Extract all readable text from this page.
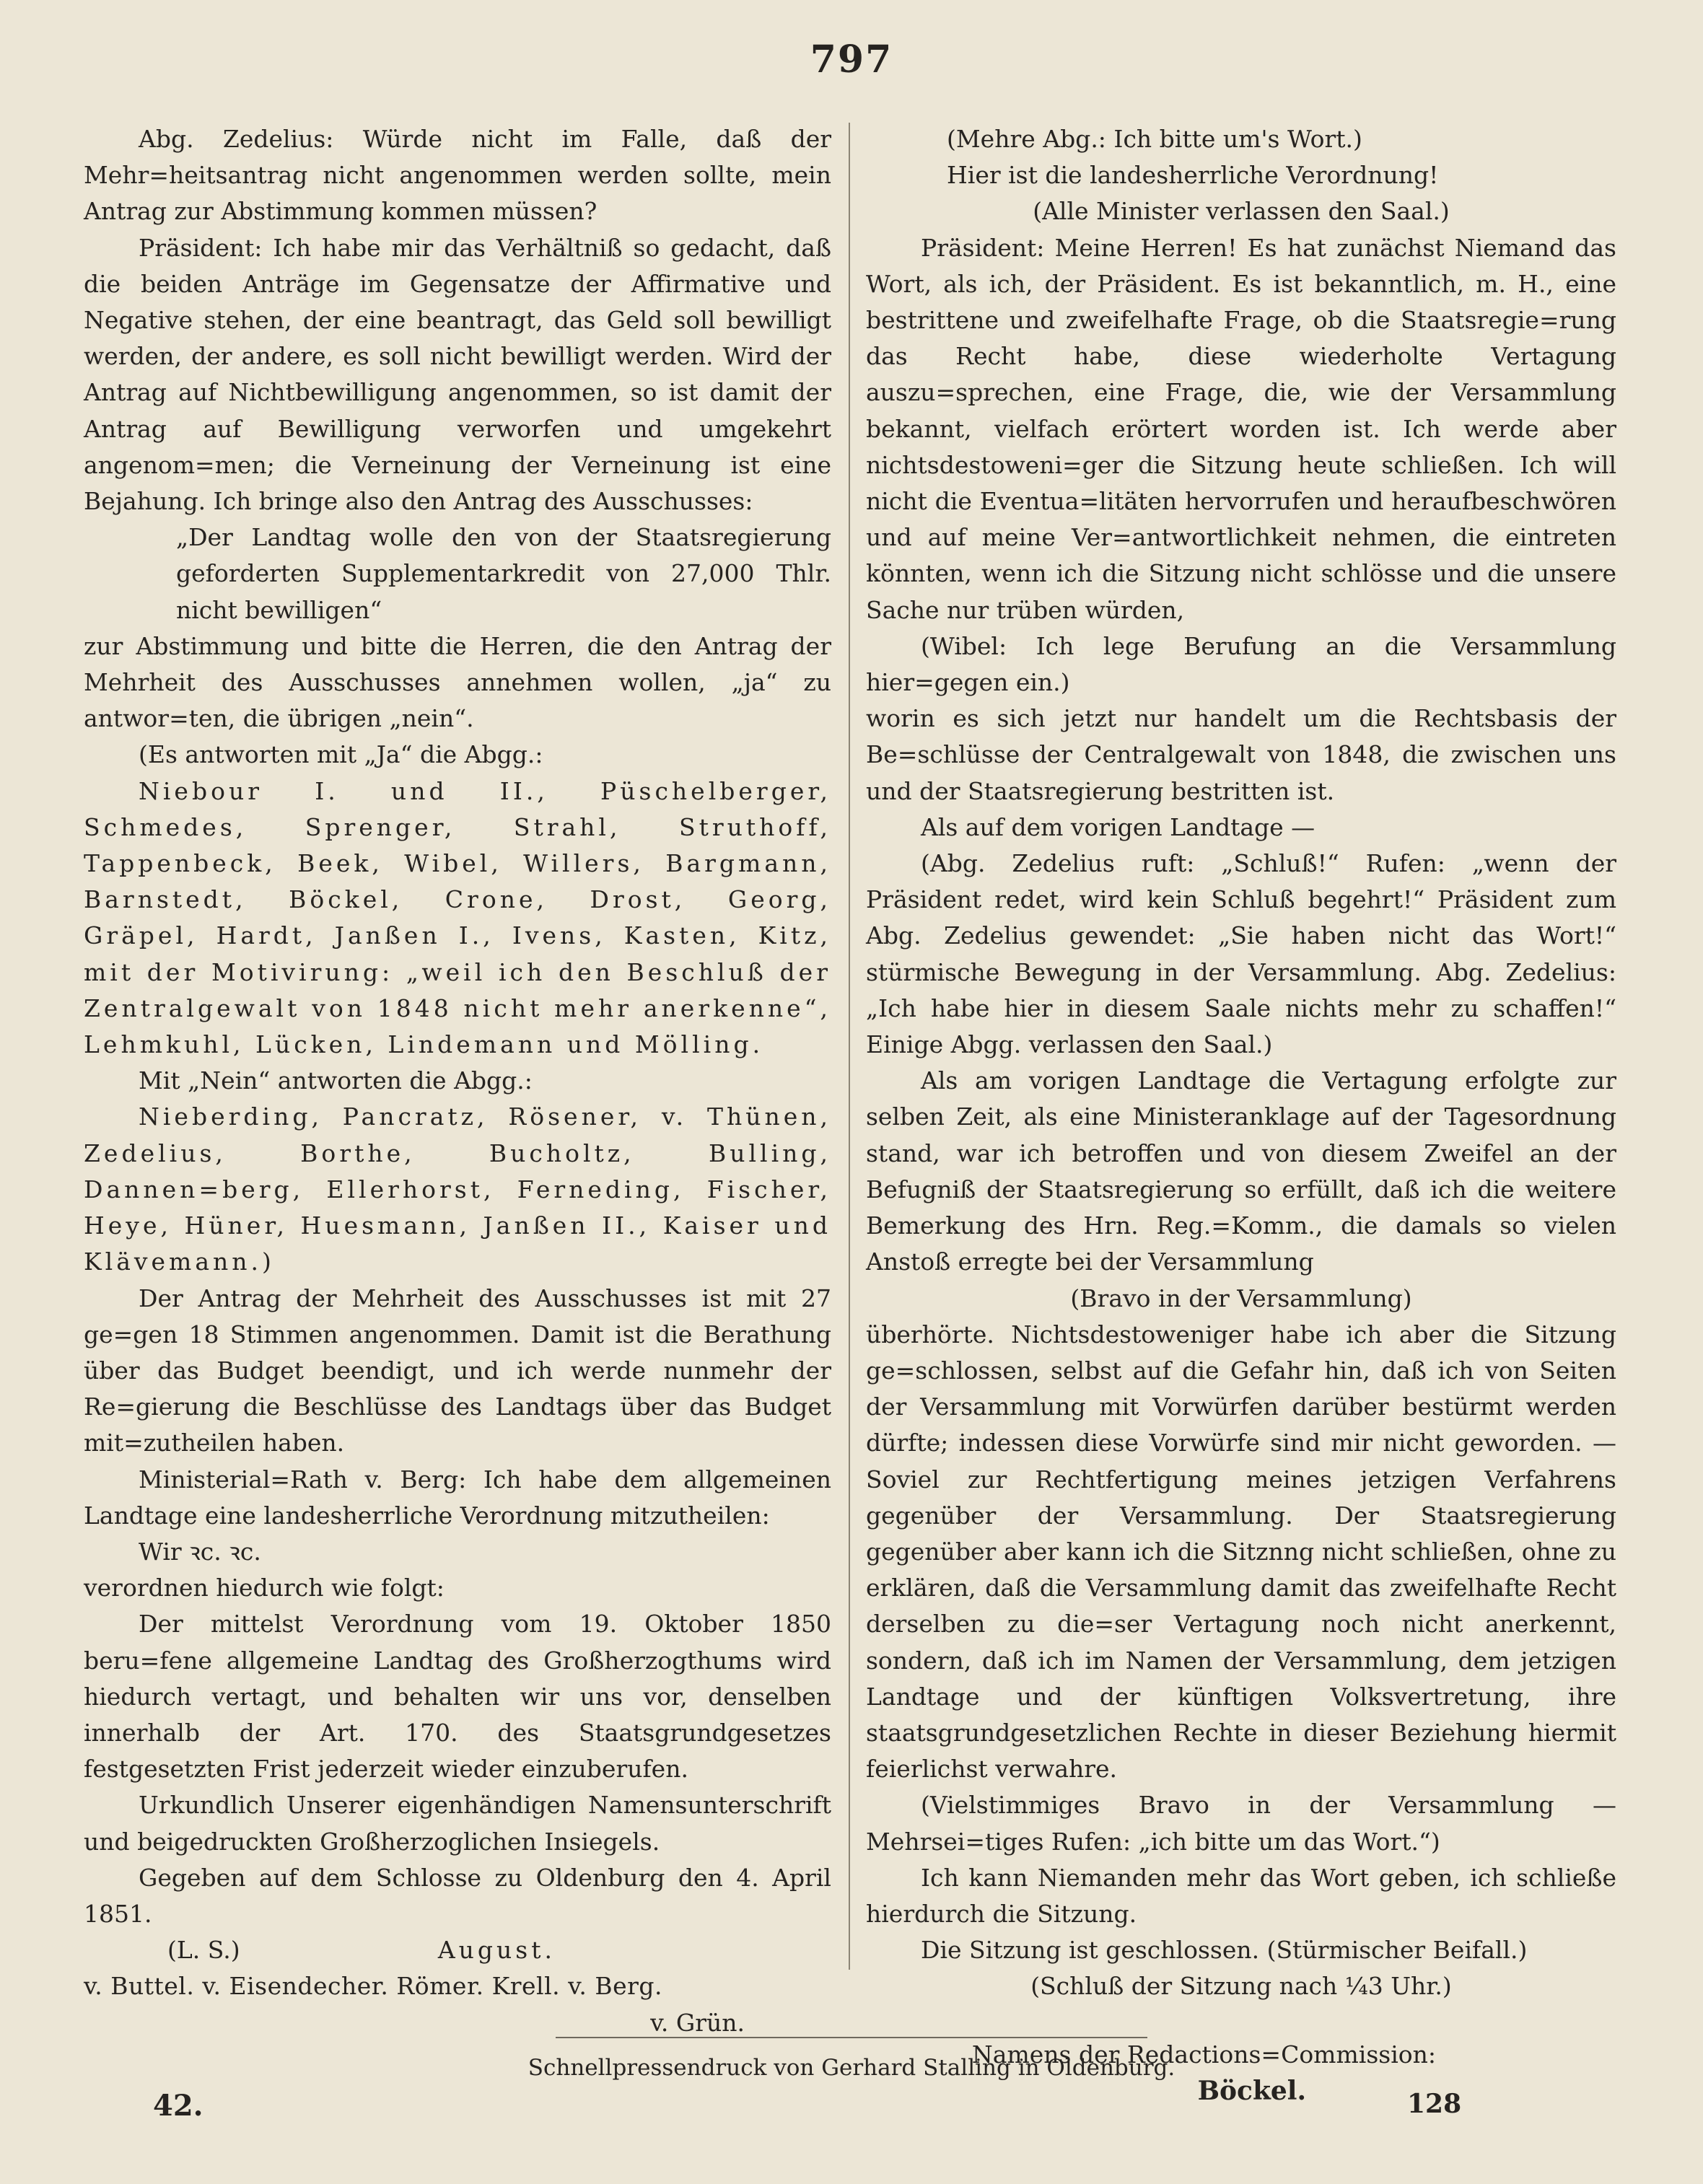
797

Abg. Zedelius: Würde nicht im Falle, daß der Mehr=heitsantrag nicht angenommen werden sollte, mein Antrag zur Abstimmung kommen müssen?

Präsident: Ich habe mir das Verhältniß so gedacht, daß die beiden Anträge im Gegensatze der Affirmative und Negative stehen, der eine beantragt, das Geld soll bewilligt werden, der andere, es soll nicht bewilligt werden. Wird der Antrag auf Nichtbewilligung angenommen, so ist damit der Antrag auf Bewilligung verworfen und umgekehrt angenom=men; die Verneinung der Verneinung ist eine Bejahung. Ich bringe also den Antrag des Ausschusses:

„Der Landtag wolle den von der Staatsregierung geforderten Supplementarkredit von 27,000 Thlr. nicht bewilligen“

zur Abstimmung und bitte die Herren, die den Antrag der Mehrheit des Ausschusses annehmen wollen, „ja“ zu antwor=ten, die übrigen „nein“.

(Es antworten mit „Ja“ die Abgg.:

Niebour I. und II., Püschelberger, Schmedes, Sprenger, Strahl, Struthoff, Tappenbeck, Beek, Wibel, Willers, Bargmann, Barnstedt, Böckel, Crone, Drost, Georg, Gräpel, Hardt, Janßen I., Ivens, Kasten, Kitz, mit der Motivirung: „weil ich den Beschluß der Zentralgewalt von 1848 nicht mehr anerkenne“, Lehmkuhl, Lücken, Lindemann und Mölling.

Mit „Nein“ antworten die Abgg.:

Nieberding, Pancratz, Rösener, v. Thünen, Zedelius, Borthe, Bucholtz, Bulling, Dannen=berg, Ellerhorst, Ferneding, Fischer, Heye, Hüner, Huesmann, Janßen II., Kaiser und Klävemann.)

Der Antrag der Mehrheit des Ausschusses ist mit 27 ge=gen 18 Stimmen angenommen. Damit ist die Berathung über das Budget beendigt, und ich werde nunmehr der Re=gierung die Beschlüsse des Landtags über das Budget mit=zutheilen haben.

Ministerial=Rath v. Berg: Ich habe dem allgemeinen Landtage eine landesherrliche Verordnung mitzutheilen:

Wir ꝛc. ꝛc.

verordnen hiedurch wie folgt:

Der mittelst Verordnung vom 19. Oktober 1850 beru=fene allgemeine Landtag des Großherzogthums wird hiedurch vertagt, und behalten wir uns vor, denselben innerhalb der Art. 170. des Staatsgrundgesetzes festgesetzten Frist jederzeit wieder einzuberufen.

Urkundlich Unserer eigenhändigen Namensunterschrift und beigedruckten Großherzoglichen Insiegels.

Gegeben auf dem Schlosse zu Oldenburg den 4. April 1851.

(L. S.)	August.
v. Buttel. v. Eisendecher. Römer. Krell. v. Berg.
v. Grün.

(Mehre Abg.: Ich bitte um's Wort.)

Hier ist die landesherrliche Verordnung!

(Alle Minister verlassen den Saal.)

Präsident: Meine Herren! Es hat zunächst Niemand das Wort, als ich, der Präsident. Es ist bekanntlich, m. H., eine bestrittene und zweifelhafte Frage, ob die Staatsregie=rung das Recht habe, diese wiederholte Vertagung auszu=sprechen, eine Frage, die, wie der Versammlung bekannt, vielfach erörtert worden ist. Ich werde aber nichtsdestoweni=ger die Sitzung heute schließen. Ich will nicht die Eventua=litäten hervorrufen und heraufbeschwören und auf meine Ver=antwortlichkeit nehmen, die eintreten könnten, wenn ich die Sitzung nicht schlösse und die unsere Sache nur trüben würden,

(Wibel: Ich lege Berufung an die Versammlung hier=gegen ein.)

worin es sich jetzt nur handelt um die Rechtsbasis der Be=schlüsse der Centralgewalt von 1848, die zwischen uns und der Staatsregierung bestritten ist.

Als auf dem vorigen Landtage —

(Abg. Zedelius ruft: „Schluß!“ Rufen: „wenn der Präsident redet, wird kein Schluß begehrt!“ Präsident zum Abg. Zedelius gewendet: „Sie haben nicht das Wort!“ stürmische Bewegung in der Versammlung. Abg. Zedelius: „Ich habe hier in diesem Saale nichts mehr zu schaffen!“ Einige Abgg. verlassen den Saal.)

Als am vorigen Landtage die Vertagung erfolgte zur selben Zeit, als eine Ministeranklage auf der Tagesordnung stand, war ich betroffen und von diesem Zweifel an der Befugniß der Staatsregierung so erfüllt, daß ich die weitere Bemerkung des Hrn. Reg.=Komm., die damals so vielen Anstoß erregte bei der Versammlung

(Bravo in der Versammlung)

überhörte. Nichtsdestoweniger habe ich aber die Sitzung ge=schlossen, selbst auf die Gefahr hin, daß ich von Seiten der Versammlung mit Vorwürfen darüber bestürmt werden dürfte; indessen diese Vorwürfe sind mir nicht geworden. — Soviel zur Rechtfertigung meines jetzigen Verfahrens gegenüber der Versammlung. Der Staatsregierung gegenüber aber kann ich die Sitznng nicht schließen, ohne zu erklären, daß die Versammlung damit das zweifelhafte Recht derselben zu die=ser Vertagung noch nicht anerkennt, sondern, daß ich im Namen der Versammlung, dem jetzigen Landtage und der künftigen Volksvertretung, ihre staatsgrundgesetzlichen Rechte in dieser Beziehung hiermit feierlichst verwahre.

(Vielstimmiges Bravo in der Versammlung — Mehrsei=tiges Rufen: „ich bitte um das Wort.“)

Ich kann Niemanden mehr das Wort geben, ich schließe hierdurch die Sitzung.

Die Sitzung ist geschlossen. (Stürmischer Beifall.)

(Schluß der Sitzung nach ¼3 Uhr.)

Namens der Redactions=Commission:

Böckel.

Schnellpressendruck von Gerhard Stalling in Oldenburg.
42.	128
